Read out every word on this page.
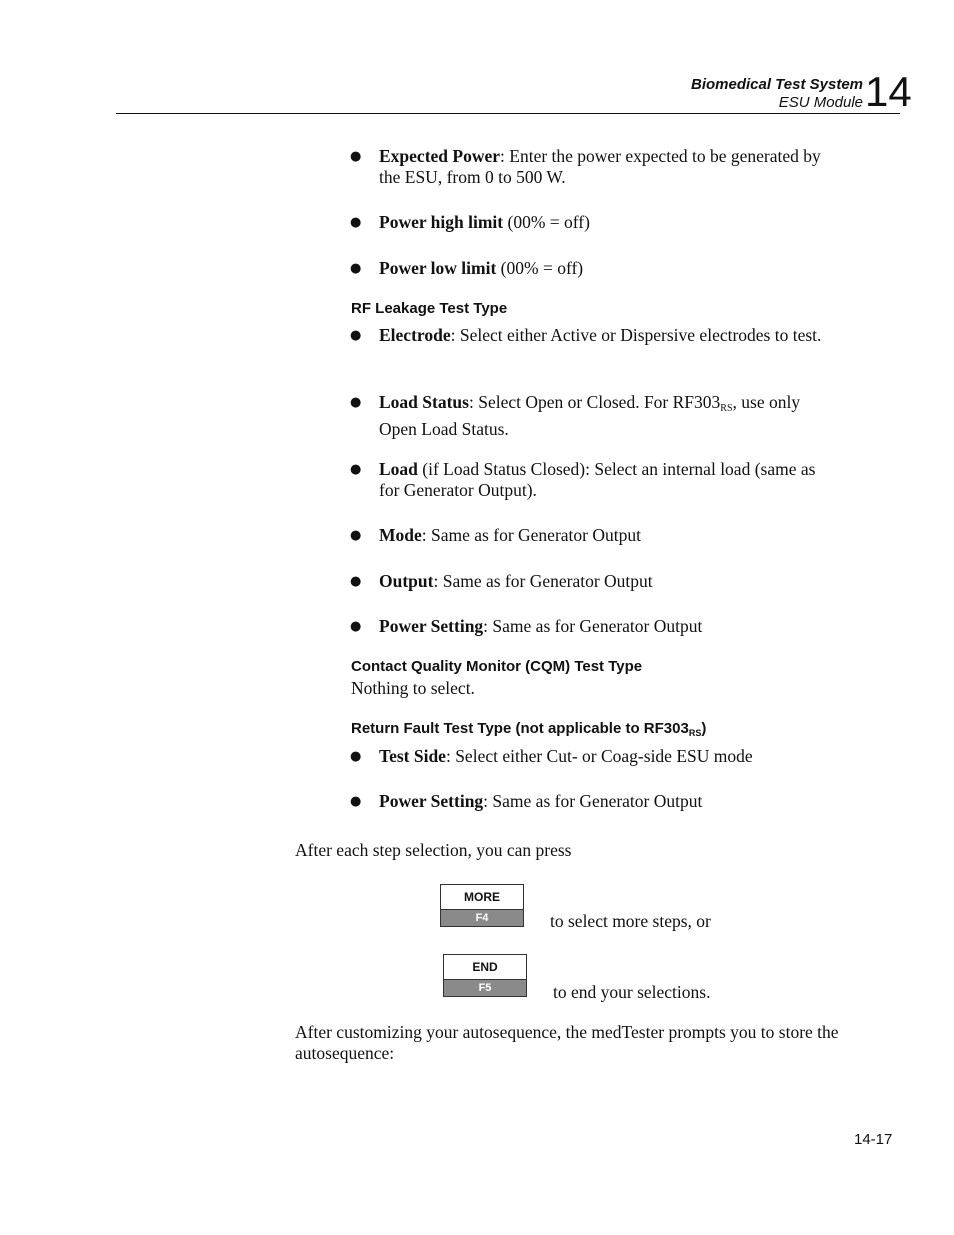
Biomedical Test System
ESU Module 14
● Expected Power: Enter the power expected to be generated by the ESU, from 0 to 500 W.
● Power high limit (00% = off)
● Power low limit (00% = off)
RF Leakage Test Type
● Electrode: Select either Active or Dispersive electrodes to test.
● Load Status: Select Open or Closed. For $RF303_{RS}$, use only Open Load Status.
● Load (if Load Status Closed): Select an internal load (same as for Generator Output).
● Mode: Same as for Generator Output
● Output: Same as for Generator Output
● Power Setting: Same as for Generator Output
Contact Quality Monitor (CQM) Test Type
Nothing to select.
Return Fault Test Type (not applicable to $RF303_{RS}$)
● Test Side: Select either Cut- or Coag-side ESU mode
● Power Setting: Same as for Generator Output
After each step selection, you can press
MORE
F4	to select more steps, or
END
F5	to end your selections.
After customizing your autosequence, the medTester prompts you to store the autosequence:
14-17
